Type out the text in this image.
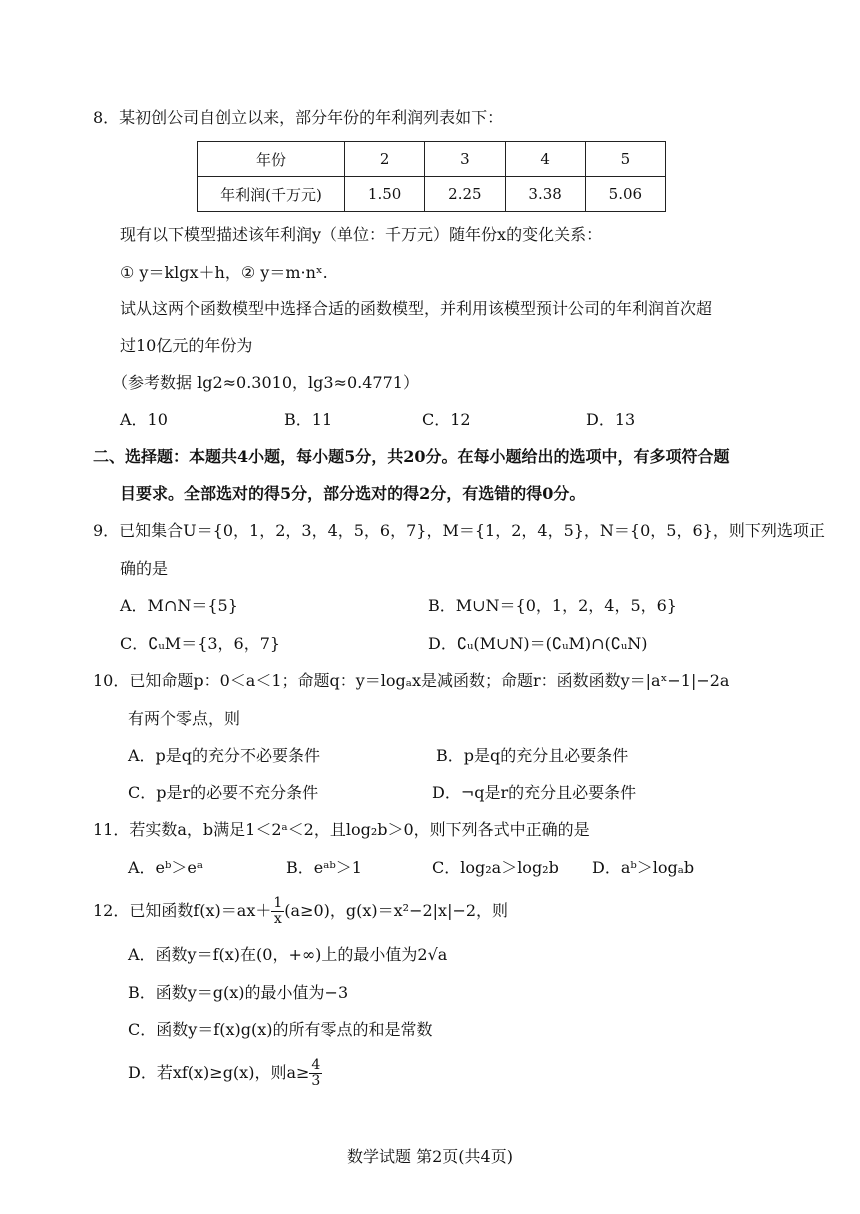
8．某初创公司自创立以来，部分年份的年利润列表如下：
年份	2	3	4	5
年利润(千万元)	1.50	2.25	3.38	5.06
现有以下模型描述该年利润y（单位：千万元）随年份x的变化关系：
① y＝klgx＋h，② y＝m·nˣ.
试从这两个函数模型中选择合适的函数模型，并利用该模型预计公司的年利润首次超
过10亿元的年份为
（参考数据 lg2≈0.3010，lg3≈0.4771）
A．10	B．11	C．12	D．13
二、选择题：本题共4小题，每小题5分，共20分。在每小题给出的选项中，有多项符合题
目要求。全部选对的得5分，部分选对的得2分，有选错的得0分。
9．已知集合U＝{0，1，2，3，4，5，6，7}，M＝{1，2，4，5}，N＝{0，5，6}，则下列选项正
确的是
A．M∩N＝{5}	B．M∪N＝{0，1，2，4，5，6}
C．∁ᵤM＝{3，6，7}	D．∁ᵤ(M∪N)＝(∁ᵤM)∩(∁ᵤN)
10．已知命题p：0＜a＜1；命题q：y＝logₐx是减函数；命题r：函数函数y＝|aˣ−1|−2a
有两个零点，则
A．p是q的充分不必要条件	B．p是q的充分且必要条件
C．p是r的必要不充分条件	D．¬q是r的充分且必要条件
11．若实数a，b满足1＜2ᵃ＜2，且log₂b＞0，则下列各式中正确的是
A．eᵇ＞eᵃ	B．eᵃᵇ＞1	C．log₂a＞log₂b D．aᵇ＞logₐb
12．已知函数$f(x)=ax+ \frac{1}{x} (a\ge 0)$，g(x)＝x²−2|x|−2，则
A．函数y＝f(x)在(0，+∞)上的最小值为2√a
B．函数y＝g(x)的最小值为−3
C．函数y＝f(x)g(x)的所有零点的和是常数
D．若xf(x)≥g(x)，则$a\ge \frac{4}{3}$
数学试题 第2页(共4页)
